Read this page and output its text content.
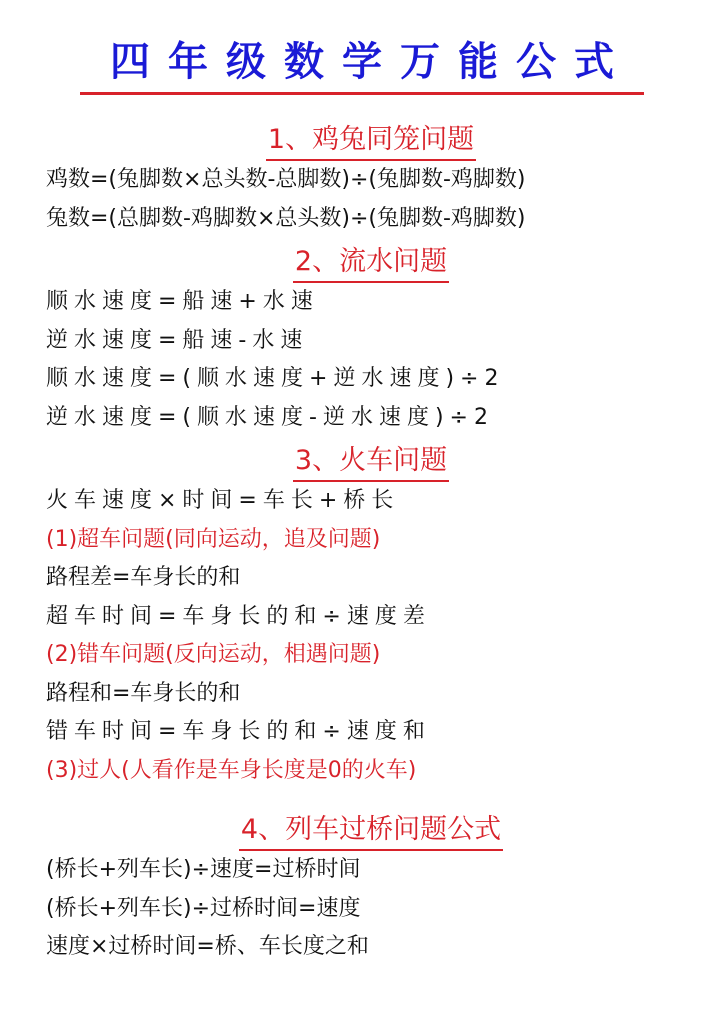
四年级数学万能公式
1、鸡兔同笼问题
鸡数=(兔脚数×总头数-总脚数)÷(兔脚数-鸡脚数)
兔数=(总脚数-鸡脚数×总头数)÷(兔脚数-鸡脚数)
2、流水问题
顺水速度=船速+水速
逆水速度=船速-水速
顺水速度=(顺水速度+逆水速度)÷2
逆水速度=(顺水速度-逆水速度)÷2
3、火车问题
火车速度×时间=车长+桥长
(1)超车问题(同向运动，追及问题)
路程差=车身长的和
超车时间=车身长的和÷速度差
(2)错车问题(反向运动，相遇问题)
路程和=车身长的和
错车时间=车身长的和÷速度和
(3)过人(人看作是车身长度是0的火车)
4、列车过桥问题公式
(桥长+列车长)÷速度=过桥时间
(桥长+列车长)÷过桥时间=速度
速度×过桥时间=桥、车长度之和
